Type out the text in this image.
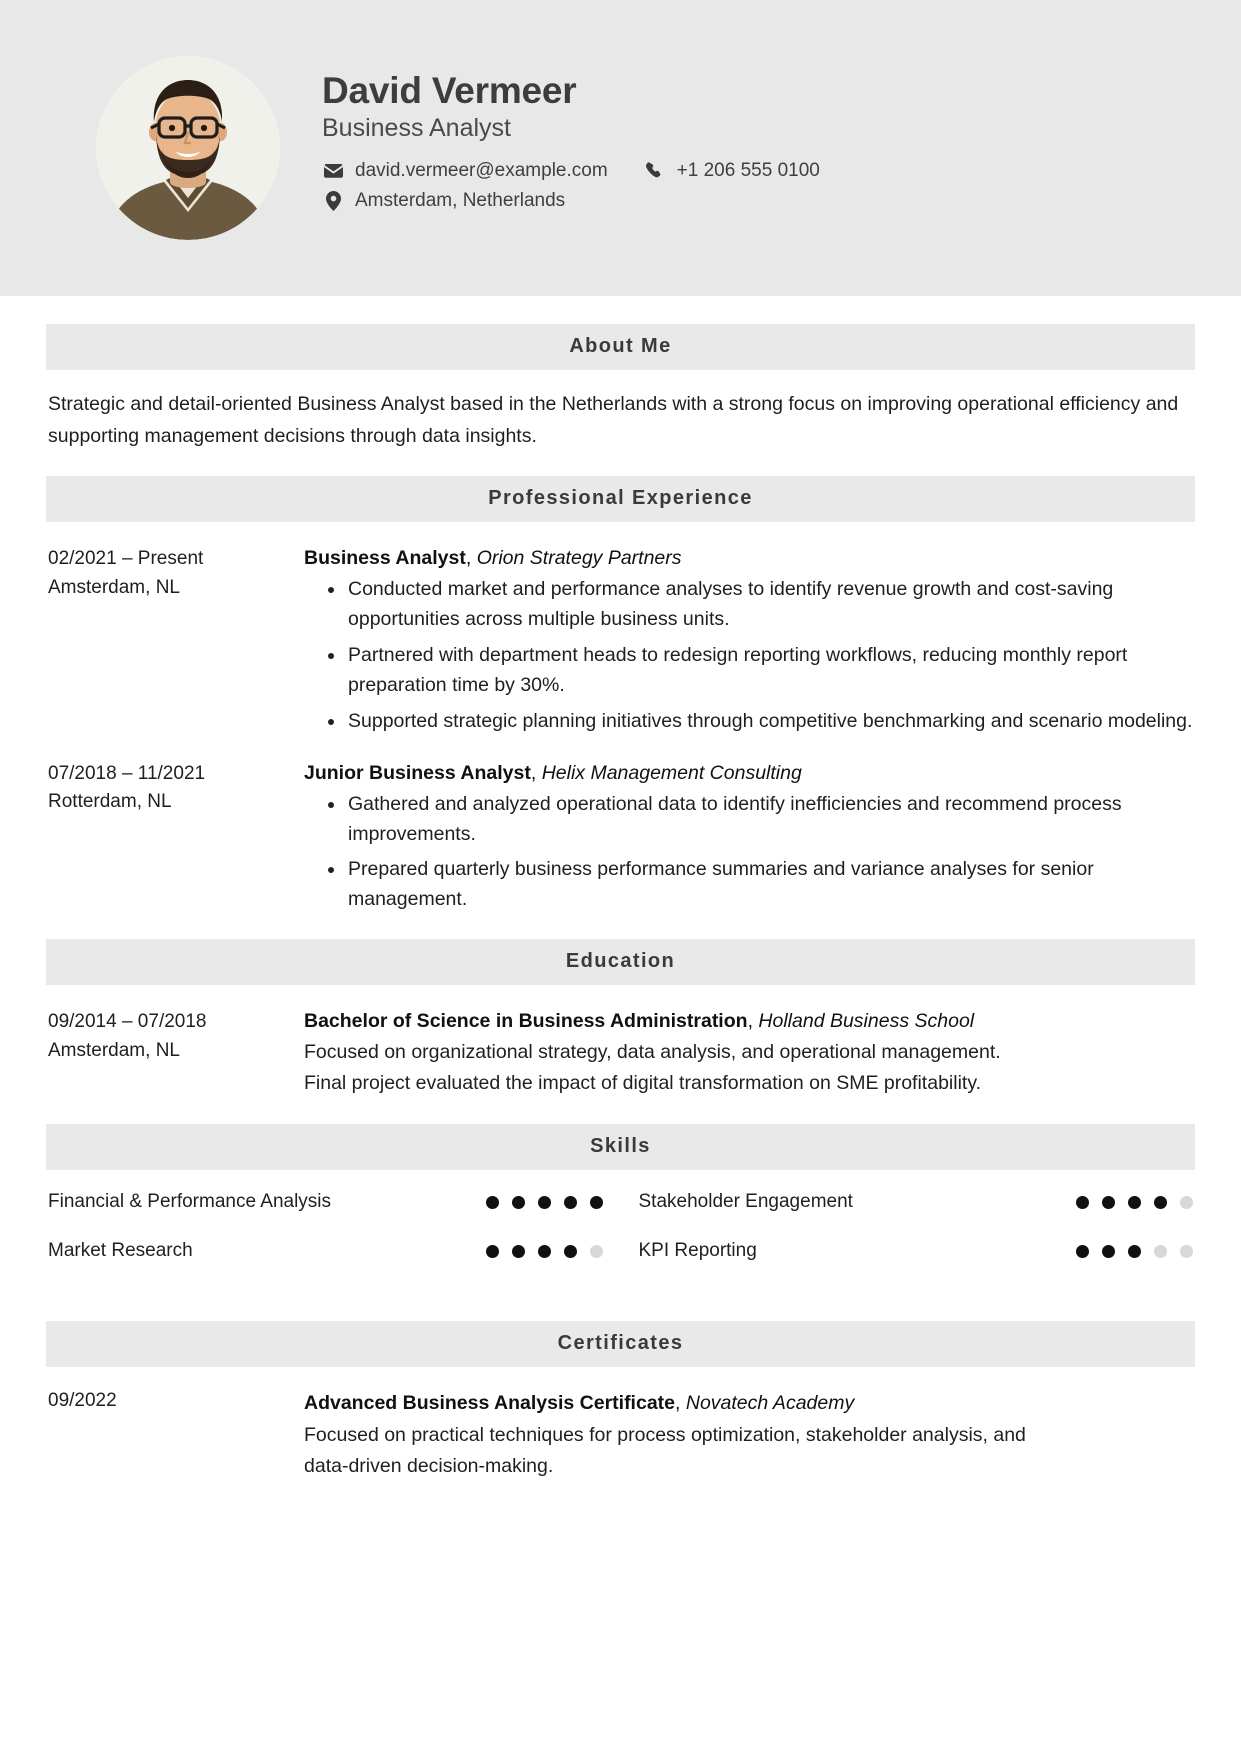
David Vermeer
Business Analyst
david.vermeer@example.com	+1 206 555 0100
Amsterdam, Netherlands
About Me

Strategic and detail-oriented Business Analyst based in the Netherlands with a strong focus on improving operational efficiency and supporting management decisions through data insights.

Professional Experience
02/2021 – Present
Amsterdam, NL
Business Analyst, Orion Strategy Partners
Conducted market and performance analyses to identify revenue growth and cost-saving opportunities across multiple business units.
Partnered with department heads to redesign reporting workflows, reducing monthly report preparation time by 30%.
Supported strategic planning initiatives through competitive benchmarking and scenario modeling.
07/2018 – 11/2021
Rotterdam, NL
Junior Business Analyst, Helix Management Consulting
Gathered and analyzed operational data to identify inefficiencies and recommend process improvements.
Prepared quarterly business performance summaries and variance analyses for senior management.
Education
09/2014 – 07/2018
Amsterdam, NL
Bachelor of Science in Business Administration, Holland Business School
Focused on organizational strategy, data analysis, and operational management.
Final project evaluated the impact of digital transformation on SME profitability.
Skills
Financial & Performance Analysis	Stakeholder Engagement
Market Research	KPI Reporting
Certificates
09/2022	Advanced Business Analysis Certificate, Novatech Academy
Focused on practical techniques for process optimization, stakeholder analysis, and
data-driven decision-making.
